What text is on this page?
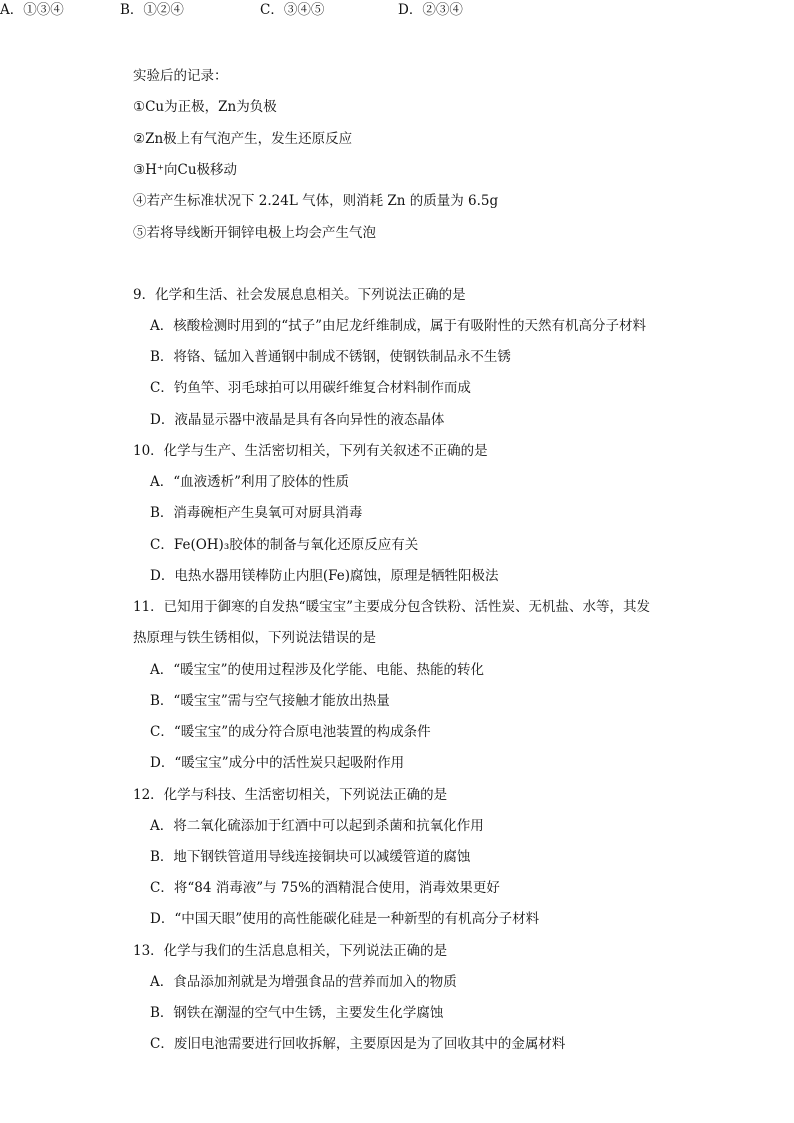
实验后的记录：
①Cu为正极，Zn为负极
②Zn极上有气泡产生，发生还原反应
③H⁺向Cu极移动
④若产生标准状况下 2.24L 气体，则消耗 Zn 的质量为 6.5g
⑤若将导线断开铜锌电极上均会产生气泡
A．①③④	B．①②④	C．③④⑤	D．②③④
9．化学和生活、社会发展息息相关。下列说法正确的是
A．核酸检测时用到的“拭子”由尼龙纤维制成，属于有吸附性的天然有机高分子材料
B．将铬、锰加入普通钢中制成不锈钢，使钢铁制品永不生锈
C．钓鱼竿、羽毛球拍可以用碳纤维复合材料制作而成
D．液晶显示器中液晶是具有各向异性的液态晶体
10．化学与生产、生活密切相关，下列有关叙述不正确的是
A．“血液透析”利用了胶体的性质
B．消毒碗柜产生臭氧可对厨具消毒
C．Fe(OH)₃胶体的制备与氧化还原反应有关
D．电热水器用镁棒防止内胆(Fe)腐蚀，原理是牺牲阳极法
11．已知用于御寒的自发热“暖宝宝”主要成分包含铁粉、活性炭、无机盐、水等，其发
热原理与铁生锈相似，下列说法错误的是
A．“暖宝宝”的使用过程涉及化学能、电能、热能的转化
B．“暖宝宝”需与空气接触才能放出热量
C．“暖宝宝”的成分符合原电池装置的构成条件
D．“暖宝宝”成分中的活性炭只起吸附作用
12．化学与科技、生活密切相关，下列说法正确的是
A．将二氧化硫添加于红酒中可以起到杀菌和抗氧化作用
B．地下钢铁管道用导线连接铜块可以减缓管道的腐蚀
C．将“84 消毒液”与 75%的酒精混合使用，消毒效果更好
D．“中国天眼”使用的高性能碳化硅是一种新型的有机高分子材料
13．化学与我们的生活息息相关，下列说法正确的是
A．食品添加剂就是为增强食品的营养而加入的物质
B．钢铁在潮湿的空气中生锈，主要发生化学腐蚀
C．废旧电池需要进行回收拆解，主要原因是为了回收其中的金属材料
